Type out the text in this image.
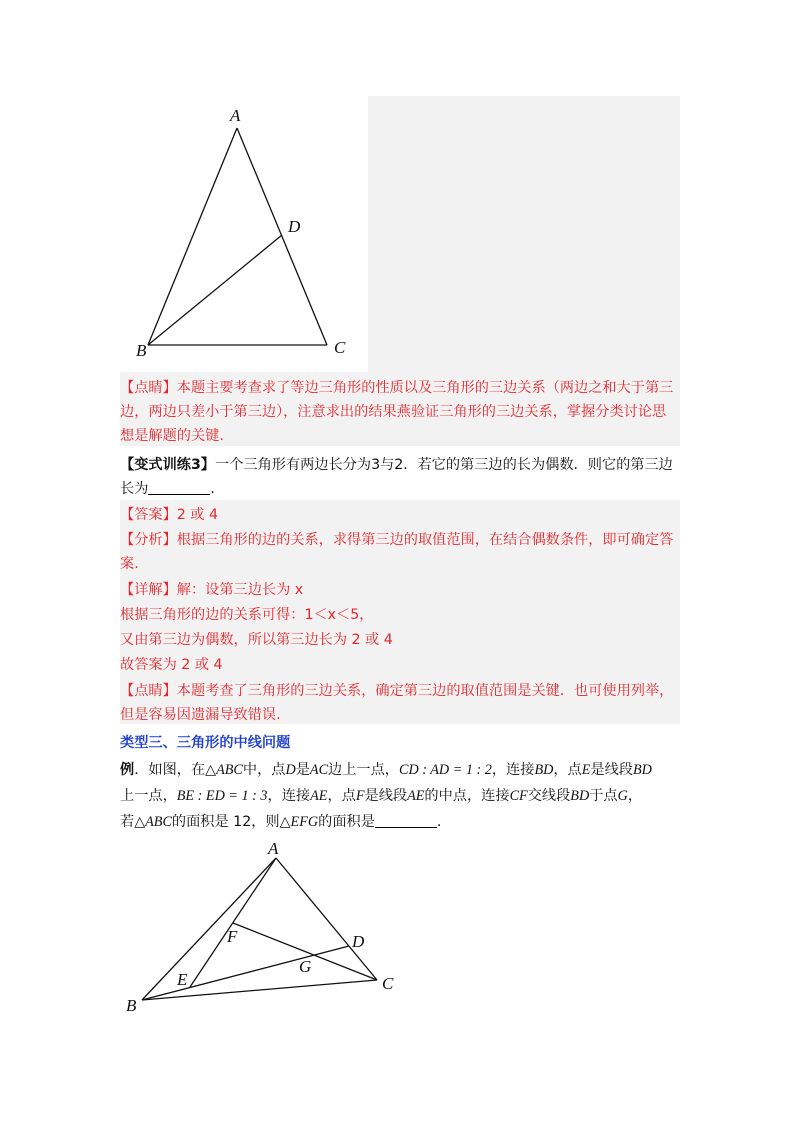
A
D
B	C
【点睛】本题主要考查求了等边三角形的性质以及三角形的三边关系（两边之和大于第三
边，两边只差小于第三边），注意求出的结果燕验证三角形的三边关系，掌握分类讨论思
想是解题的关键.
【变式训练3】一个三角形有两边长分为3与2．若它的第三边的长为偶数．则它的第三边
长为	.
【答案】2 或 4
【分析】根据三角形的边的关系，求得第三边的取值范围，在结合偶数条件，即可确定答
案.
【详解】解：设第三边长为 x
根据三角形的边的关系可得：1＜x＜5，
又由第三边为偶数，所以第三边长为 2 或 4
故答案为 2 或 4
【点睛】本题考查了三角形的三边关系，确定第三边的取值范围是关键．也可使用列举，
但是容易因遗漏导致错误.
类型三、三角形的中线问题
例．如图，在△ABC中，点D是AC边上一点，CD : AD = 1 : 2，连接BD，点E是线段BD
上一点，BE : ED = 1 : 3，连接AE，点F是线段AE的中点，连接CF交线段BD于点G，
若△ABC的面积是 12，则△EFG的面积是	.
A
F	D
G
E	C
B
